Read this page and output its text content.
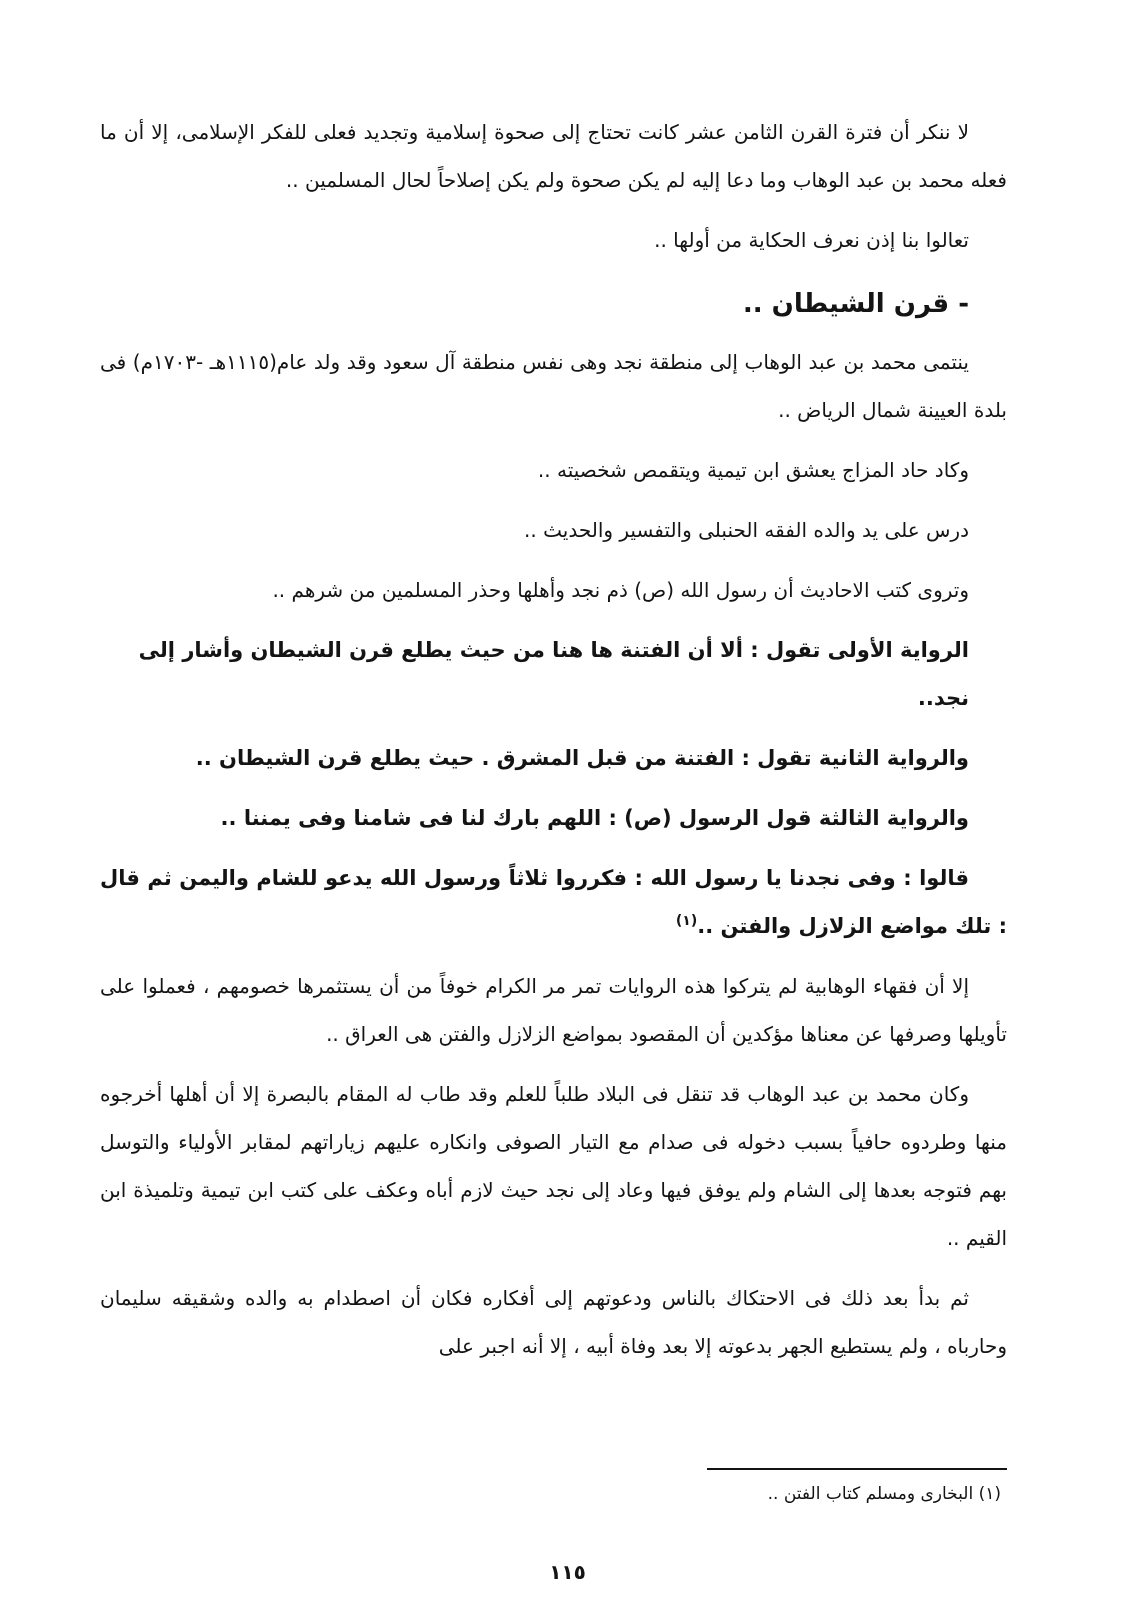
لا ننكر أن فترة القرن الثامن عشر كانت تحتاج إلى صحوة إسلامية وتجديد فعلى للفكر الإسلامى، إلا أن ما فعله محمد بن عبد الوهاب وما دعا إليه لم يكن صحوة ولم يكن إصلاحاً لحال المسلمين ..

تعالوا بنا إذن نعرف الحكاية من أولها ..

- قرن الشيطان ..

ينتمى محمد بن عبد الوهاب إلى منطقة نجد وهى نفس منطقة آل سعود وقد ولد عام(١١١٥هـ -١٧٠٣م) فى بلدة العيينة شمال الرياض ..

وكاد حاد المزاج يعشق ابن تيمية ويتقمص شخصيته ..

درس على يد والده الفقه الحنبلى والتفسير والحديث ..

وتروى كتب الاحاديث أن رسول الله (ص) ذم نجد وأهلها وحذر المسلمين من شرهم ..

الرواية الأولى تقول : ألا أن الفتنة ها هنا من حيث يطلع قرن الشيطان وأشار إلى نجد..

والرواية الثانية تقول : الفتنة من قبل المشرق . حيث يطلع قرن الشيطان ..

والرواية الثالثة قول الرسول (ص) : اللهم بارك لنا فى شامنا وفى يمننا ..

قالوا : وفى نجدنا يا رسول الله : فكرروا ثلاثاً ورسول الله يدعو للشام واليمن ثم قال : تلك مواضع الزلازل والفتن ..$^{(١)}$

إلا أن فقهاء الوهابية لم يتركوا هذه الروايات تمر مر الكرام خوفاً من أن يستثمرها خصومهم ، فعملوا على تأويلها وصرفها عن معناها مؤكدين أن المقصود بمواضع الزلازل والفتن هى العراق ..

وكان محمد بن عبد الوهاب قد تنقل فى البلاد طلباً للعلم وقد طاب له المقام بالبصرة إلا أن أهلها أخرجوه منها وطردوه حافياً بسبب دخوله فى صدام مع التيار الصوفى وانكاره عليهم زياراتهم لمقابر الأولياء والتوسل بهم فتوجه بعدها إلى الشام ولم يوفق فيها وعاد إلى نجد حيث لازم أباه وعكف على كتب ابن تيمية وتلميذة ابن القيم ..

ثم بدأ بعد ذلك فى الاحتكاك بالناس ودعوتهم إلى أفكاره فكان أن اصطدام به والده وشقيقه سليمان وحارباه ، ولم يستطيع الجهر بدعوته إلا بعد وفاة أبيه ، إلا أنه اجبر على

(١) البخارى ومسلم كتاب الفتن ..
١١٥
